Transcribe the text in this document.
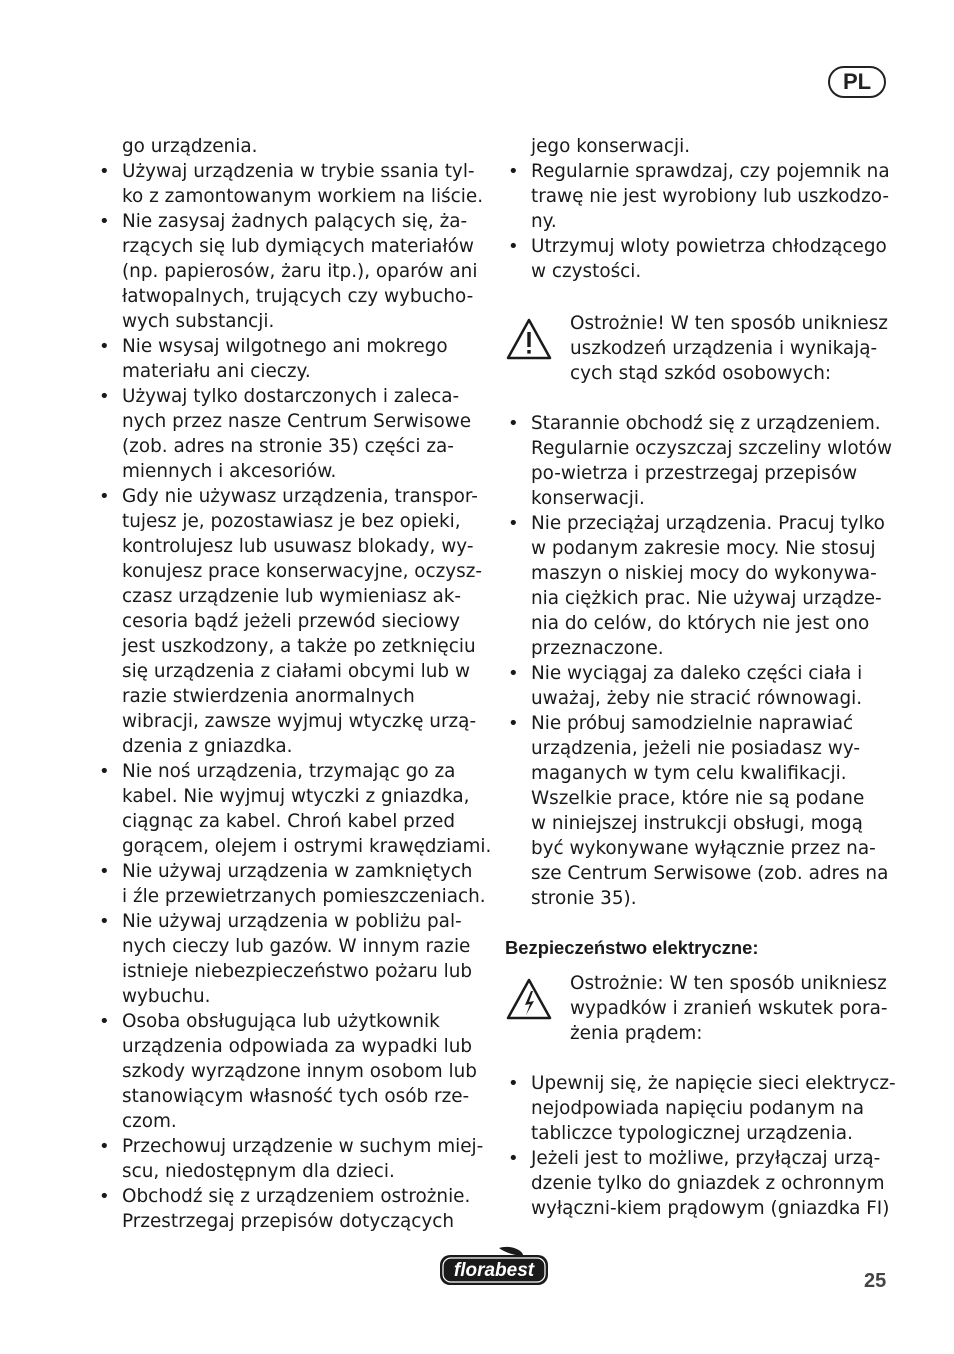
PL
go urządzenia.
• Używaj urządzenia w trybie ssania tyl-
ko z zamontowanym workiem na liście.
• Nie zasysaj żadnych palących się, ża-
rzących się lub dymiących materiałów
(np. papierosów, żaru itp.), oparów ani
łatwopalnych, trujących czy wybucho-
wych substancji.
• Nie wsysaj wilgotnego ani mokrego
materiału ani cieczy.
• Używaj tylko dostarczonych i zaleca-
nych przez nasze Centrum Serwisowe
(zob. adres na stronie 35) części za-
miennych i akcesoriów.
• Gdy nie używasz urządzenia, transpor-
tujesz je, pozostawiasz je bez opieki,
kontrolujesz lub usuwasz blokady, wy-
konujesz prace konserwacyjne, oczysz-
czasz urządzenie lub wymieniasz ak-
cesoria bądź jeżeli przewód sieciowy
jest uszkodzony, a także po zetknięciu
się urządzenia z ciałami obcymi lub w
razie stwierdzenia anormalnych
wibracji, zawsze wyjmuj wtyczkę urzą-
dzenia z gniazdka.
• Nie noś urządzenia, trzymając go za
kabel. Nie wyjmuj wtyczki z gniazdka,
ciągnąc za kabel. Chroń kabel przed
gorącem, olejem i ostrymi krawędziami.
• Nie używaj urządzenia w zamkniętych
i źle przewietrzanych pomieszczeniach.
• Nie używaj urządzenia w pobliżu pal-
nych cieczy lub gazów. W innym razie
istnieje niebezpieczeństwo pożaru lub
wybuchu.
• Osoba obsługująca lub użytkownik
urządzenia odpowiada za wypadki lub
szkody wyrządzone innym osobom lub
stanowiącym własność tych osób rze-
czom.
• Przechowuj urządzenie w suchym miej-
scu, niedostępnym dla dzieci.
• Obchodź się z urządzeniem ostrożnie.
Przestrzegaj przepisów dotyczących
jego konserwacji.
• Regularnie sprawdzaj, czy pojemnik na
trawę nie jest wyrobiony lub uszkodzo-
ny.
• Utrzymuj wloty powietrza chłodzącego
w czystości.
Ostrożnie! W ten sposób unikniesz
uszkodzeń urządzenia i wynikają-
cych stąd szkód osobowych:
• Starannie obchodź się z urządzeniem.
Regularnie oczyszczaj szczeliny wlotów
po-wietrza i przestrzegaj przepisów
konserwacji.
• Nie przeciążaj urządzenia. Pracuj tylko
w podanym zakresie mocy. Nie stosuj
maszyn o niskiej mocy do wykonywa-
nia ciężkich prac. Nie używaj urządze-
nia do celów, do których nie jest ono
przeznaczone.
• Nie wyciągaj za daleko części ciała i
uważaj, żeby nie stracić równowagi.
• Nie próbuj samodzielnie naprawiać
urządzenia, jeżeli nie posiadasz wy-
maganych w tym celu kwalifikacji.
Wszelkie prace, które nie są podane
w niniejszej instrukcji obsługi, mogą
być wykonywane wyłącznie przez na-
sze Centrum Serwisowe (zob. adres na
stronie 35).
Bezpieczeństwo elektryczne:
Ostrożnie: W ten sposób unikniesz
wypadków i zranień wskutek pora-
żenia prądem:
• Upewnij się, że napięcie sieci elektrycz-
nejodpowiada napięciu podanym na
tabliczce typologicznej urządzenia.
• Jeżeli jest to możliwe, przyłączaj urzą-
dzenie tylko do gniazdek z ochronnym
wyłączni-kiem prądowym (gniazdka FI)
florabest	25
